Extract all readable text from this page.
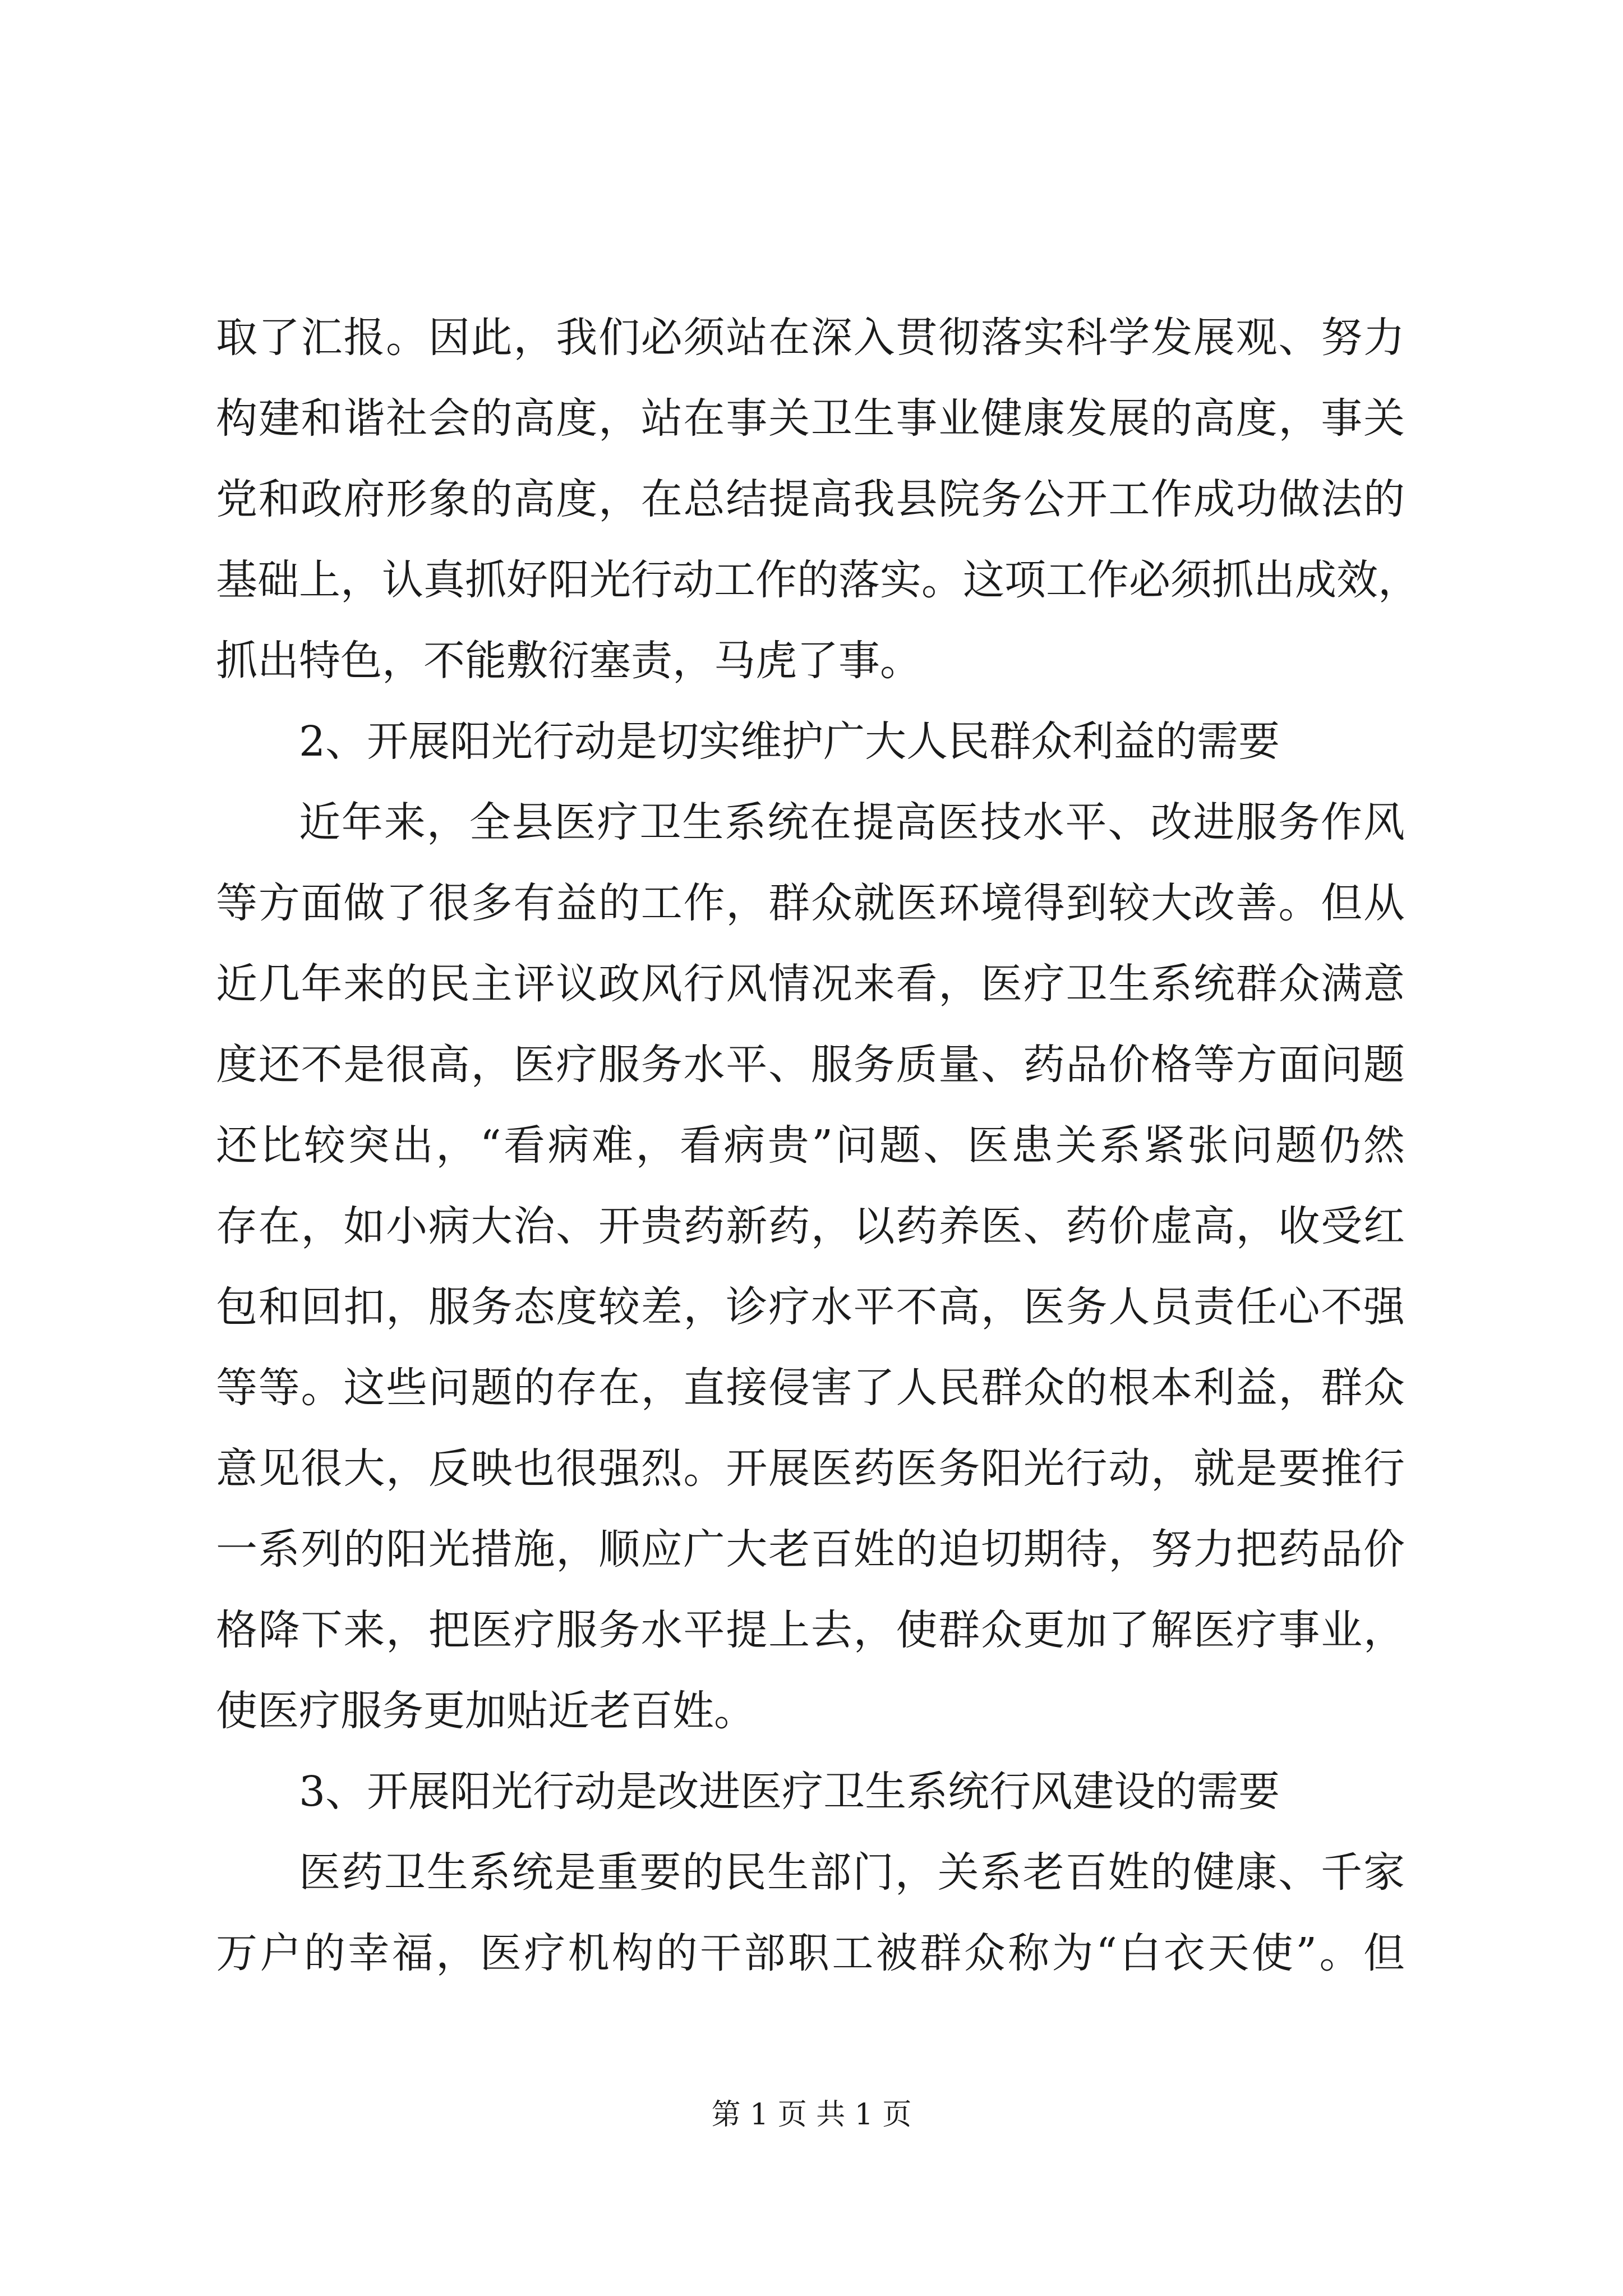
取了汇报。因此，我们必须站在深入贯彻落实科学发展观、努力
构建和谐社会的高度，站在事关卫生事业健康发展的高度，事关
党和政府形象的高度，在总结提高我县院务公开工作成功做法的
基础上，认真抓好阳光行动工作的落实。这项工作必须抓出成效，
抓出特色，不能敷衍塞责，马虎了事。
2、开展阳光行动是切实维护广大人民群众利益的需要
近年来，全县医疗卫生系统在提高医技水平、改进服务作风
等方面做了很多有益的工作，群众就医环境得到较大改善。但从
近几年来的民主评议政风行风情况来看，医疗卫生系统群众满意
度还不是很高，医疗服务水平、服务质量、药品价格等方面问题
还比较突出，“看病难，看病贵”问题、医患关系紧张问题仍然
存在，如小病大治、开贵药新药，以药养医、药价虚高，收受红
包和回扣，服务态度较差，诊疗水平不高，医务人员责任心不强
等等。这些问题的存在，直接侵害了人民群众的根本利益，群众
意见很大，反映也很强烈。开展医药医务阳光行动，就是要推行
一系列的阳光措施，顺应广大老百姓的迫切期待，努力把药品价
格降下来，把医疗服务水平提上去，使群众更加了解医疗事业，
使医疗服务更加贴近老百姓。
3、开展阳光行动是改进医疗卫生系统行风建设的需要
医药卫生系统是重要的民生部门，关系老百姓的健康、千家
万户的幸福，医疗机构的干部职工被群众称为“白衣天使”。但
第 1 页 共 1 页
